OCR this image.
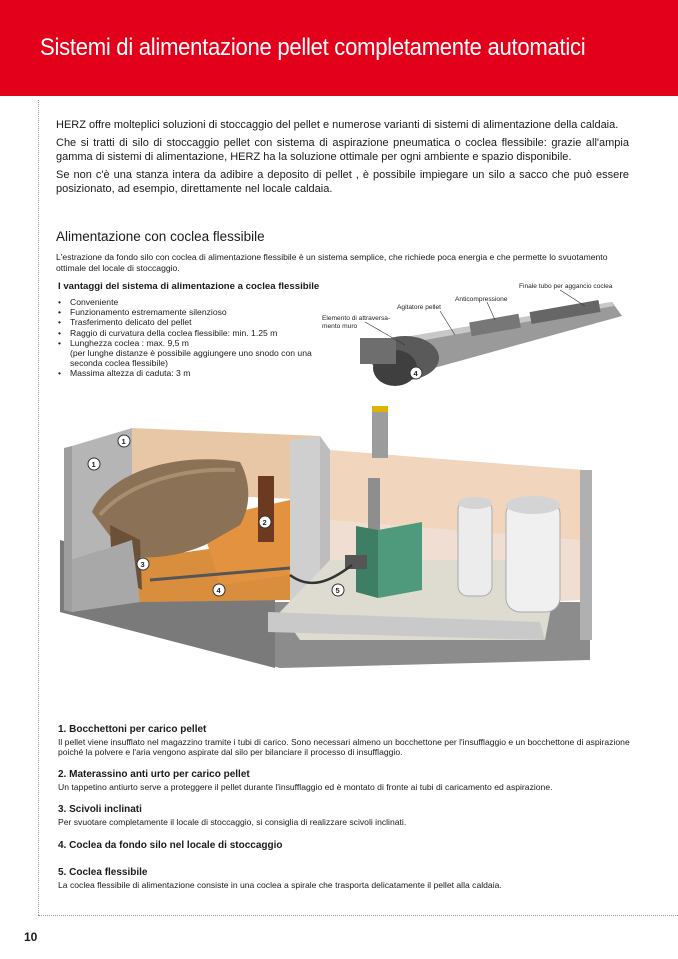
Sistemi di alimentazione pellet completamente automatici

HERZ offre molteplici soluzioni di stoccaggio del pellet e numerose varianti di sistemi di alimentazione della caldaia.

Che si tratti di silo di stoccaggio pellet con sistema di aspirazione pneumatica o coclea flessibile: grazie all'ampia gamma di sistemi di alimentazione, HERZ ha la soluzione ottimale per ogni ambiente e spazio disponibile.

Se non c'è una stanza intera da adibire a deposito di pellet , è possibile impiegare un silo a sacco che può essere posizionato, ad esempio, direttamente nel locale caldaia.

Alimentazione con coclea flessibile

L'estrazione da fondo silo con coclea di alimentazione flessibile è un sistema semplice, che richiede poca energia e che permette lo svuotamento ottimale del locale di stoccaggio.

I vantaggi del sistema di alimentazione a coclea flessibile
• Conveniente
• Funzionamento estremamente silenzioso
• Trasferimento delicato del pellet
• Raggio di curvatura della coclea flessibile: min. 1.25 m
• Lunghezza coclea : max. 9,5 m
(per lunghe distanze è possibile aggiungere uno snodo con una
seconda coclea flessibile)
• Massima altezza di caduta: 3 m
Finale tubo per aggancio coclea
Anticompressione
Agitatore pellet
Elemento di attraversa-
mento muro
4
1
1
2
3
4	5
1. Bocchettoni per carico pellet
Il pellet viene insufflato nel magazzino tramite i tubi di carico. Sono necessari almeno un bocchettone per l'insufflaggio e un bocchettone di aspirazione poiché la polvere e l'aria vengono aspirate dal silo per bilanciare il processo di insufflaggio.
2. Materassino anti urto per carico pellet
Un tappetino antiurto serve a proteggere il pellet durante l'insufflaggio ed è montato di fronte ai tubi di caricamento ed aspirazione.
3. Scivoli inclinati
Per svuotare completamente il locale di stoccaggio, si consiglia di realizzare scivoli inclinati.
4. Coclea da fondo silo nel locale di stoccaggio
5. Coclea flessibile
La coclea flessibile di alimentazione consiste in una coclea a spirale che trasporta delicatamente il pellet alla caldaia.
10
